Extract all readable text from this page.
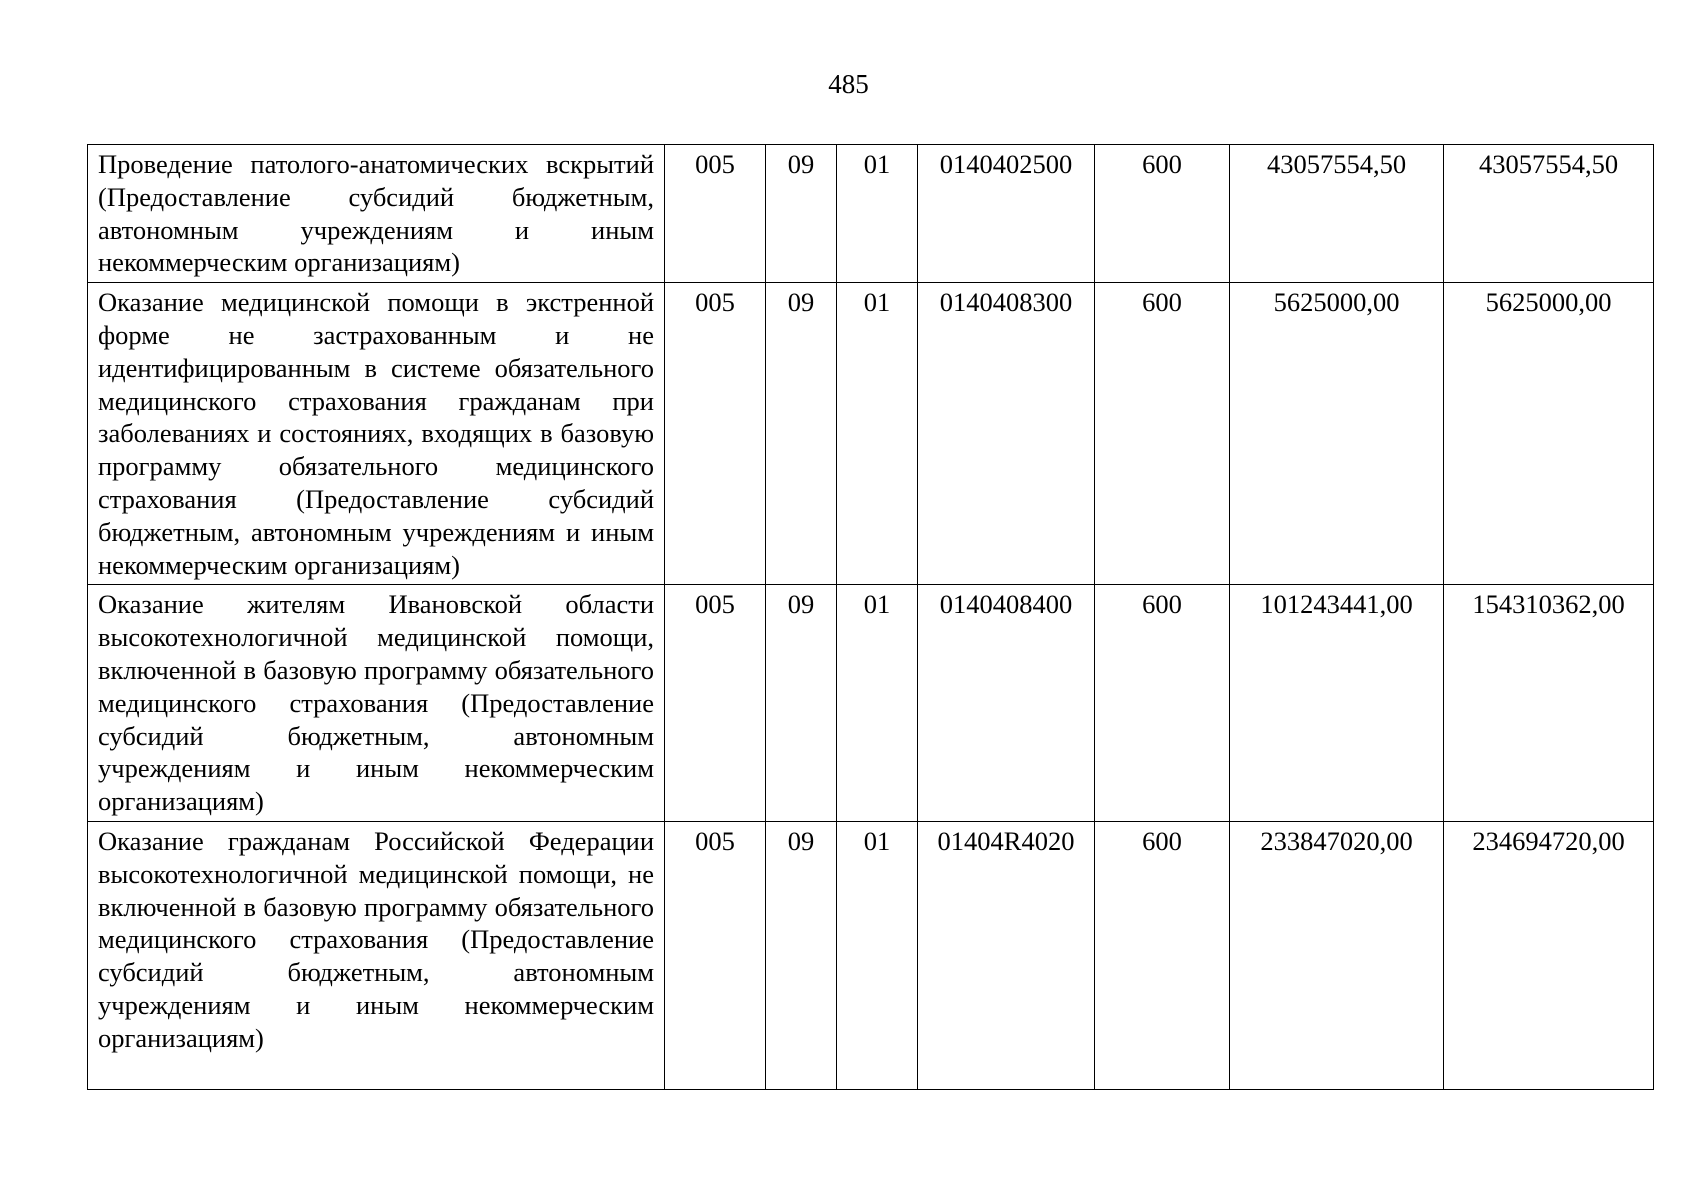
485
Проведение патолого-анатомических вскрытий (Предоставление субсидий бюджетным, автономным учреждениям и иным некоммерческим организациям)	005	09	01	0140402500	600	43057554,50	43057554,50

Оказание медицинской помощи в экстренной форме не застрахованным и не идентифицированным в системе обязательного медицинского страхования гражданам при заболеваниях и состояниях, входящих в базовую программу обязательного медицинского страхования (Предоставление субсидий бюджетным, автономным учреждениям и иным некоммерческим организациям)	005	09	01	0140408300	600	5625000,00	5625000,00

Оказание жителям Ивановской области высокотехнологичной медицинской помощи, включенной в базовую программу обязательного медицинского страхования (Предоставление субсидий бюджетным, автономным учреждениям и иным некоммерческим организациям)	005	09	01	0140408400	600	101243441,00	154310362,00

Оказание гражданам Российской Федерации высокотехнологичной медицинской помощи, не включенной в базовую программу обязательного медицинского страхования (Предоставление субсидий бюджетным, автономным учреждениям и иным некоммерческим организациям)	005	09	01	01404R4020	600	233847020,00	234694720,00
